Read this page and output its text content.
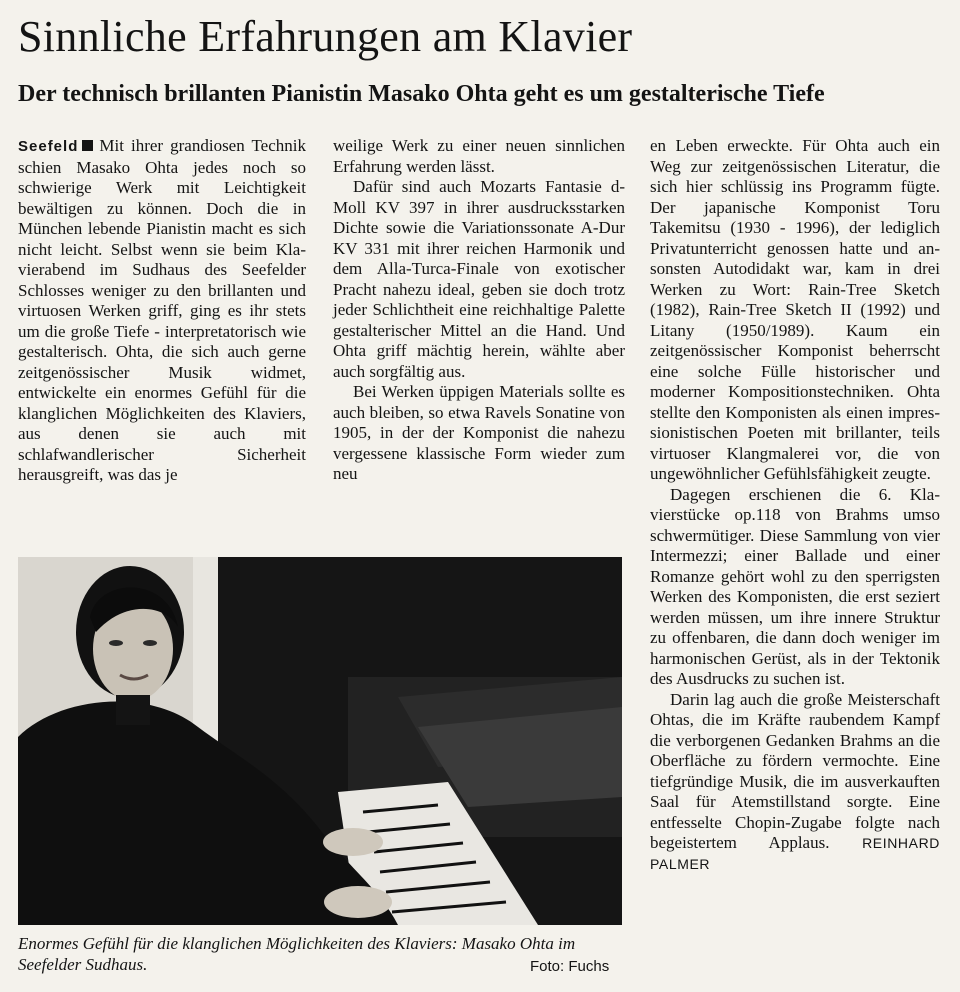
Sinnliche Erfahrungen am Klavier
Der technisch brillanten Pianistin Masako Ohta geht es um gestalterische Tiefe

Seefeld Mit ihrer grandiosen Technik schien Masako Ohta jedes noch so schwierige Werk mit Leichtigkeit bewältigen zu können. Doch die in München lebende Pianistin macht es sich nicht leicht. Selbst wenn sie beim Klavierabend im Sudhaus des Seefelder Schlosses weniger zu den brillanten und virtuosen Werken griff, ging es ihr stets um die große Tiefe - interpretatorisch wie gestalterisch. Ohta, die sich auch gerne zeitgenössischer Musik widmet, entwickelte ein enormes Gefühl für die klanglichen Möglichkeiten des Klaviers, aus denen sie auch mit schlafwandlerischer Sicherheit herausgreift, was das je

weilige Werk zu einer neuen sinnlichen Erfahrung werden lässt.

Dafür sind auch Mozarts Fantasie d-Moll KV 397 in ihrer ausdrucksstarken Dichte sowie die Variationssonate A-Dur KV 331 mit ihrer reichen Harmonik und dem Alla-Turca-Finale von exotischer Pracht nahezu ideal, geben sie doch trotz jeder Schlichtheit eine reichhaltige Palette gestalterischer Mittel an die Hand. Und Ohta griff mächtig herein, wählte aber auch sorgfältig aus.

Bei Werken üppigen Materials sollte es auch bleiben, so etwa Ravels Sonatine von 1905, in der der Komponist die nahezu vergessene klassische Form wieder zum neu

en Leben erweckte. Für Ohta auch ein Weg zur zeitgenössischen Literatur, die sich hier schlüssig ins Programm fügte. Der japanische Komponist Toru Takemitsu (1930 - 1996), der lediglich Privatunterricht genossen hatte und ansonsten Autodidakt war, kam in drei Werken zu Wort: Rain-Tree Sketch (1982), Rain-Tree Sketch II (1992) und Litany (1950/1989). Kaum ein zeitgenössischer Komponist beherrscht eine solche Fülle historischer und moderner Kompositionstechniken. Ohta stellte den Komponisten als einen impressionistischen Poeten mit brillanter, teils virtuoser Klangmalerei vor, die von ungewöhnlicher Gefühlsfähigkeit zeugte.

Dagegen erschienen die 6. Klavierstücke op.118 von Brahms umso schwermütiger. Diese Sammlung von vier Intermezzi; einer Ballade und einer Romanze gehört wohl zu den sperrigsten Werken des Komponisten, die erst seziert werden müssen, um ihre innere Struktur zu offenbaren, die dann doch weniger im harmonischen Gerüst, als in der Tektonik des Ausdrucks zu suchen ist.

Darin lag auch die große Meisterschaft Ohtas, die im Kräfte raubendem Kampf die verborgenen Gedanken Brahms an die Oberfläche zu fördern vermochte. Eine tiefgründige Musik, die im ausverkauften Saal für Atemstillstand sorgte. Eine entfesselte Chopin-Zugabe folgte nach begeistertem Applaus. REINHARD PALMER

Enormes Gefühl für die klanglichen Möglichkeiten des Klaviers: Masako Ohta im Seefelder Sudhaus.	Foto: Fuchs
